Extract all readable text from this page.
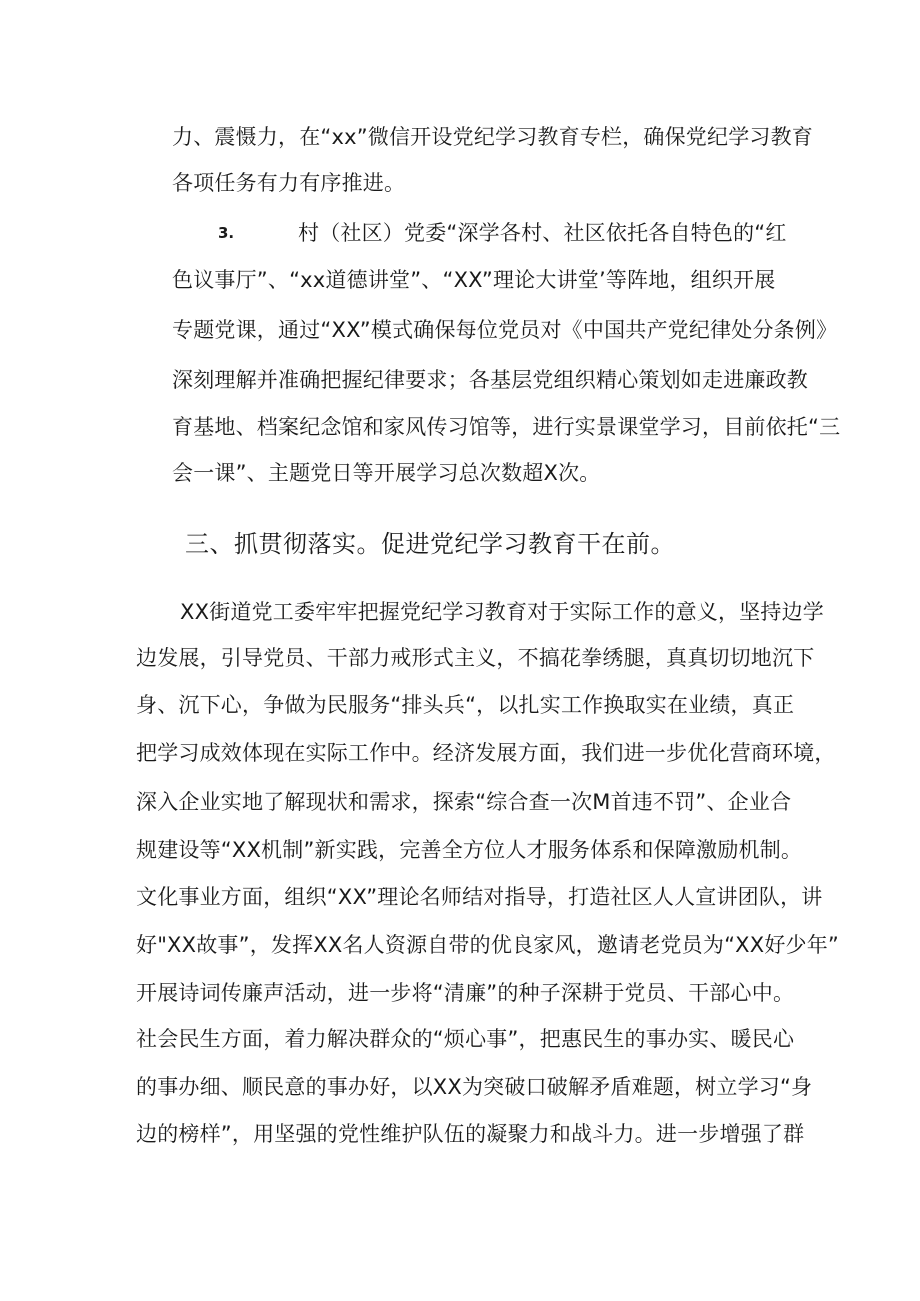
力、震慑力，在“xx”微信开设党纪学习教育专栏，确保党纪学习教育
各项任务有力有序推进。
3.	村（社区）党委“深学各村、社区依托各自特色的“红
色议事厅”、“xx道德讲堂”、“XX”理论大讲堂’等阵地，组织开展
专题党课，通过“XX”模式确保每位党员对《中国共产党纪律处分条例》
深刻理解并准确把握纪律要求；各基层党组织精心策划如走进廉政教
育基地、档案纪念馆和家风传习馆等，进行实景课堂学习，目前依托“三
会一课”、主题党日等开展学习总次数超X次。
三、抓贯彻落实。促进党纪学习教育干在前。
XX街道党工委牢牢把握党纪学习教育对于实际工作的意义，坚持边学
边发展，引导党员、干部力戒形式主义，不搞花拳绣腿，真真切切地沉下
身、沉下心，争做为民服务“排头兵“，以扎实工作换取实在业绩，真正
把学习成效体现在实际工作中。经济发展方面，我们进一步优化营商环境，
深入企业实地了解现状和需求，探索“综合查一次M首违不罚”、企业合
规建设等“XX机制”新实践，完善全方位人才服务体系和保障激励机制。
文化事业方面，组织“XX”理论名师结对指导，打造社区人人宣讲团队，讲
好"XX故事”，发挥XX名人资源自带的优良家风，邀请老党员为“XX好少年”
开展诗词传廉声活动，进一步将“清廉”的种子深耕于党员、干部心中。
社会民生方面，着力解决群众的“烦心事”，把惠民生的事办实、暖民心
的事办细、顺民意的事办好，以XX为突破口破解矛盾难题，树立学习“身
边的榜样”，用坚强的党性维护队伍的凝聚力和战斗力。进一步增强了群
